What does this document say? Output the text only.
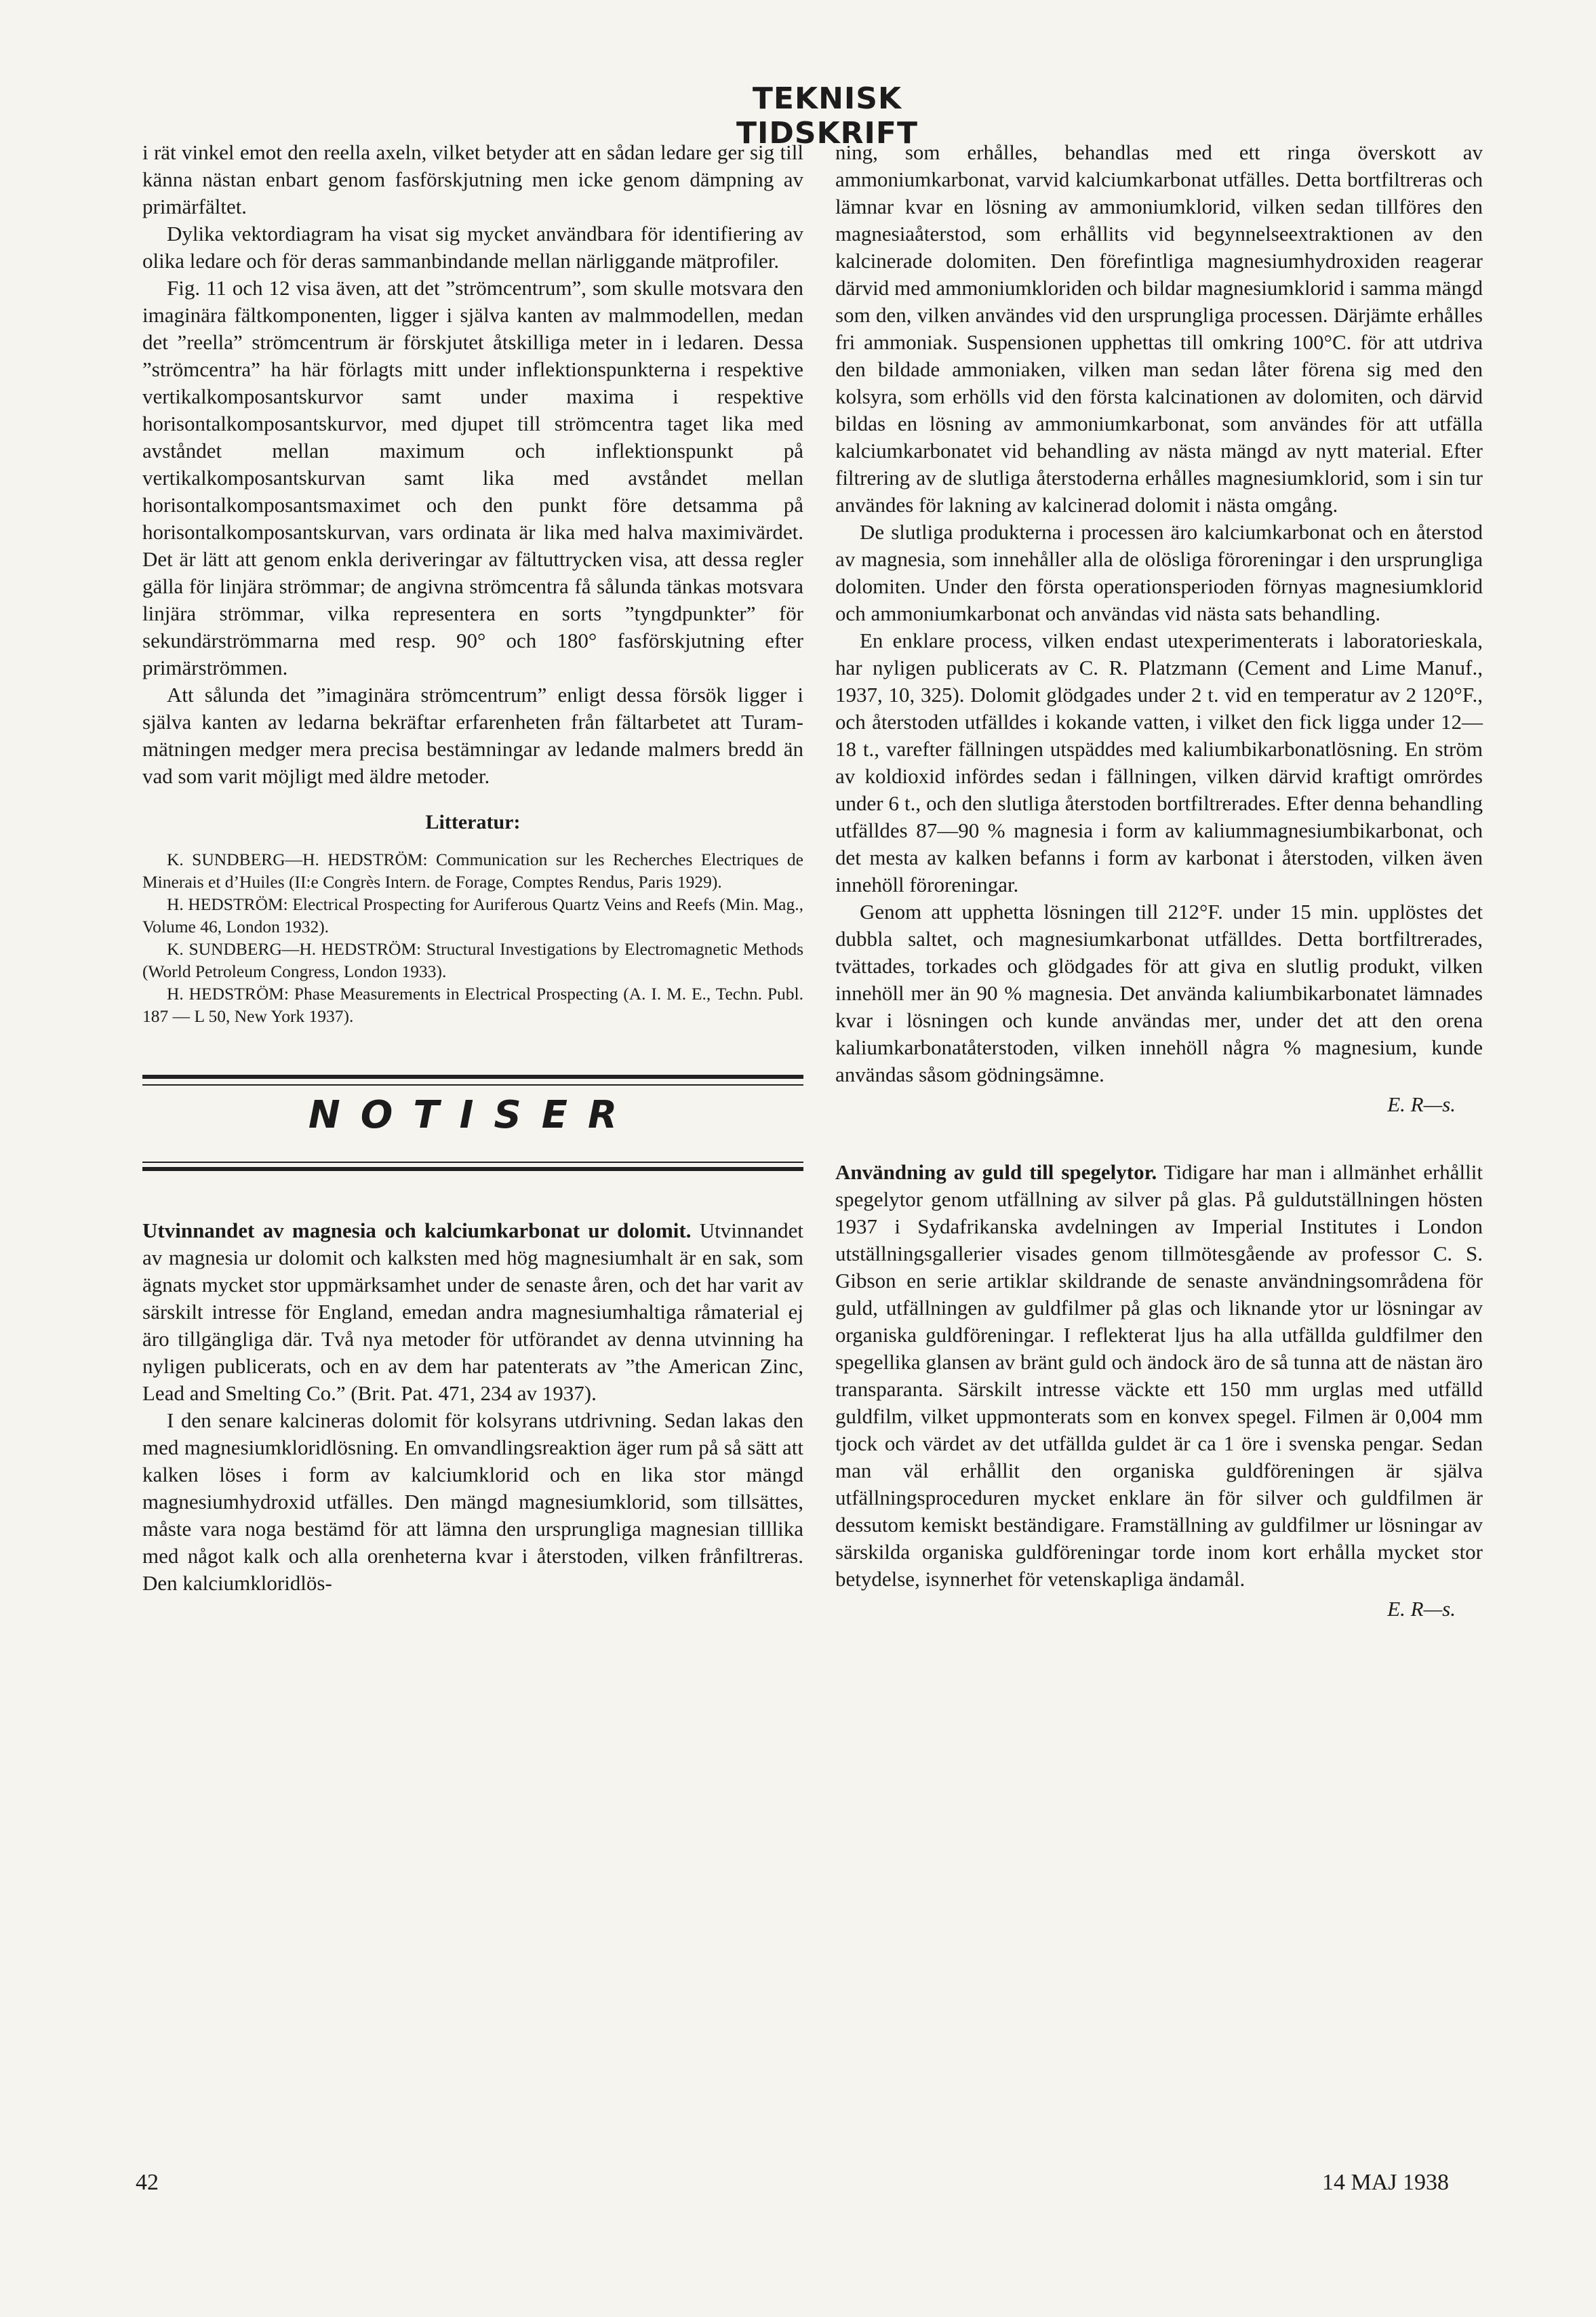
TEKNISK TIDSKRIFT

i rät vinkel emot den reella axeln, vilket betyder att en sådan ledare ger sig till känna nästan enbart genom fasförskjutning men icke genom dämpning av primärfältet.

Dylika vektordiagram ha visat sig mycket användbara för identifiering av olika ledare och för deras sammanbindande mellan närliggande mätprofiler.

Fig. 11 och 12 visa även, att det ”strömcentrum”, som skulle motsvara den imaginära fältkomponenten, ligger i själva kanten av malmmodellen, medan det ”reella” strömcentrum är förskjutet åtskilliga meter in i ledaren. Dessa ”strömcentra” ha här förlagts mitt under inflektionspunkterna i respektive vertikalkomposantskurvor samt under maxima i respektive horisontalkomposantskurvor, med djupet till strömcentra taget lika med avståndet mellan maximum och inflektionspunkt på vertikalkomposantskurvan samt lika med avståndet mellan horisontalkomposantsmaximet och den punkt före detsamma på horisontalkomposantskurvan, vars ordinata är lika med halva maximivärdet. Det är lätt att genom enkla deriveringar av fältuttrycken visa, att dessa regler gälla för linjära strömmar; de angivna strömcentra få sålunda tänkas motsvara linjära strömmar, vilka representera en sorts ”tyngdpunkter” för sekundärströmmarna med resp. 90° och 180° fasförskjutning efter primärströmmen.

Att sålunda det ”imaginära strömcentrum” enligt dessa försök ligger i själva kanten av ledarna bekräftar erfarenheten från fältarbetet att Turam-mätningen medger mera precisa bestämningar av ledande malmers bredd än vad som varit möjligt med äldre metoder.

Litteratur:

K. SUNDBERG—H. HEDSTRÖM: Communication sur les Recherches Electriques de Minerais et d’Huiles (II:e Congrès Intern. de Forage, Comptes Rendus, Paris 1929).

H. HEDSTRÖM: Electrical Prospecting for Auriferous Quartz Veins and Reefs (Min. Mag., Volume 46, London 1932).

K. SUNDBERG—H. HEDSTRÖM: Structural Investigations by Electromagnetic Methods (World Petroleum Congress, London 1933).

H. HEDSTRÖM: Phase Measurements in Electrical Prospecting (A. I. M. E., Techn. Publ. 187 — L 50, New York 1937).

NOTISER

Utvinnandet av magnesia och kalciumkarbonat ur dolomit. Utvinnandet av magnesia ur dolomit och kalksten med hög magnesiumhalt är en sak, som ägnats mycket stor uppmärksamhet under de senaste åren, och det har varit av särskilt intresse för England, emedan andra magnesiumhaltiga råmaterial ej äro tillgängliga där. Två nya metoder för utförandet av denna utvinning ha nyligen publicerats, och en av dem har patenterats av ”the American Zinc, Lead and Smelting Co.” (Brit. Pat. 471, 234 av 1937).

I den senare kalcineras dolomit för kolsyrans utdrivning. Sedan lakas den med magnesiumkloridlösning. En omvandlingsreaktion äger rum på så sätt att kalken löses i form av kalciumklorid och en lika stor mängd magnesiumhydroxid utfälles. Den mängd magnesiumklorid, som tillsättes, måste vara noga bestämd för att lämna den ursprungliga magnesian tilllika med något kalk och alla orenheterna kvar i återstoden, vilken frånfiltreras. Den kalciumkloridlös-

ning, som erhålles, behandlas med ett ringa överskott av ammoniumkarbonat, varvid kalciumkarbonat utfälles. Detta bortfiltreras och lämnar kvar en lösning av ammoniumklorid, vilken sedan tillföres den magnesiaåterstod, som erhållits vid begynnelseextraktionen av den kalcinerade dolomiten. Den förefintliga magnesiumhydroxiden reagerar därvid med ammoniumkloriden och bildar magnesiumklorid i samma mängd som den, vilken användes vid den ursprungliga processen. Därjämte erhålles fri ammoniak. Suspensionen upphettas till omkring 100°C. för att utdriva den bildade ammoniaken, vilken man sedan låter förena sig med den kolsyra, som erhölls vid den första kalcinationen av dolomiten, och därvid bildas en lösning av ammoniumkarbonat, som användes för att utfälla kalciumkarbonatet vid behandling av nästa mängd av nytt material. Efter filtrering av de slutliga återstoderna erhålles magnesiumklorid, som i sin tur användes för lakning av kalcinerad dolomit i nästa omgång.

De slutliga produkterna i processen äro kalciumkarbonat och en återstod av magnesia, som innehåller alla de olösliga föroreningar i den ursprungliga dolomiten. Under den första operationsperioden förnyas magnesiumklorid och ammoniumkarbonat och användas vid nästa sats behandling.

En enklare process, vilken endast utexperimenterats i laboratorieskala, har nyligen publicerats av C. R. Platzmann (Cement and Lime Manuf., 1937, 10, 325). Dolomit glödgades under 2 t. vid en temperatur av 2 120°F., och återstoden utfälldes i kokande vatten, i vilket den fick ligga under 12—18 t., varefter fällningen utspäddes med kaliumbikarbonatlösning. En ström av koldioxid infördes sedan i fällningen, vilken därvid kraftigt omrördes under 6 t., och den slutliga återstoden bortfiltrerades. Efter denna behandling utfälldes 87—90 % magnesia i form av kaliummagnesiumbikarbonat, och det mesta av kalken befanns i form av karbonat i återstoden, vilken även innehöll föroreningar.

Genom att upphetta lösningen till 212°F. under 15 min. upplöstes det dubbla saltet, och magnesiumkarbonat utfälldes. Detta bortfiltrerades, tvättades, torkades och glödgades för att giva en slutlig produkt, vilken innehöll mer än 90 % magnesia. Det använda kaliumbikarbonatet lämnades kvar i lösningen och kunde användas mer, under det att den orena kaliumkarbonatåterstoden, vilken innehöll några % magnesium, kunde användas såsom gödningsämne.

E. R—s.

Användning av guld till spegelytor. Tidigare har man i allmänhet erhållit spegelytor genom utfällning av silver på glas. På guldutställningen hösten 1937 i Sydafrikanska avdelningen av Imperial Institutes i London utställningsgallerier visades genom tillmötesgående av professor C. S. Gibson en serie artiklar skildrande de senaste användningsområdena för guld, utfällningen av guldfilmer på glas och liknande ytor ur lösningar av organiska guldföreningar. I reflekterat ljus ha alla utfällda guldfilmer den spegellika glansen av bränt guld och ändock äro de så tunna att de nästan äro transparanta. Särskilt intresse väckte ett 150 mm urglas med utfälld guldfilm, vilket uppmonterats som en konvex spegel. Filmen är 0,004 mm tjock och värdet av det utfällda guldet är ca 1 öre i svenska pengar. Sedan man väl erhållit den organiska guldföreningen är själva utfällningsproceduren mycket enklare än för silver och guldfilmen är dessutom kemiskt beständigare. Framställning av guldfilmer ur lösningar av särskilda organiska guldföreningar torde inom kort erhålla mycket stor betydelse, isynnerhet för vetenskapliga ändamål.

E. R—s.
42	14 MAJ 1938
